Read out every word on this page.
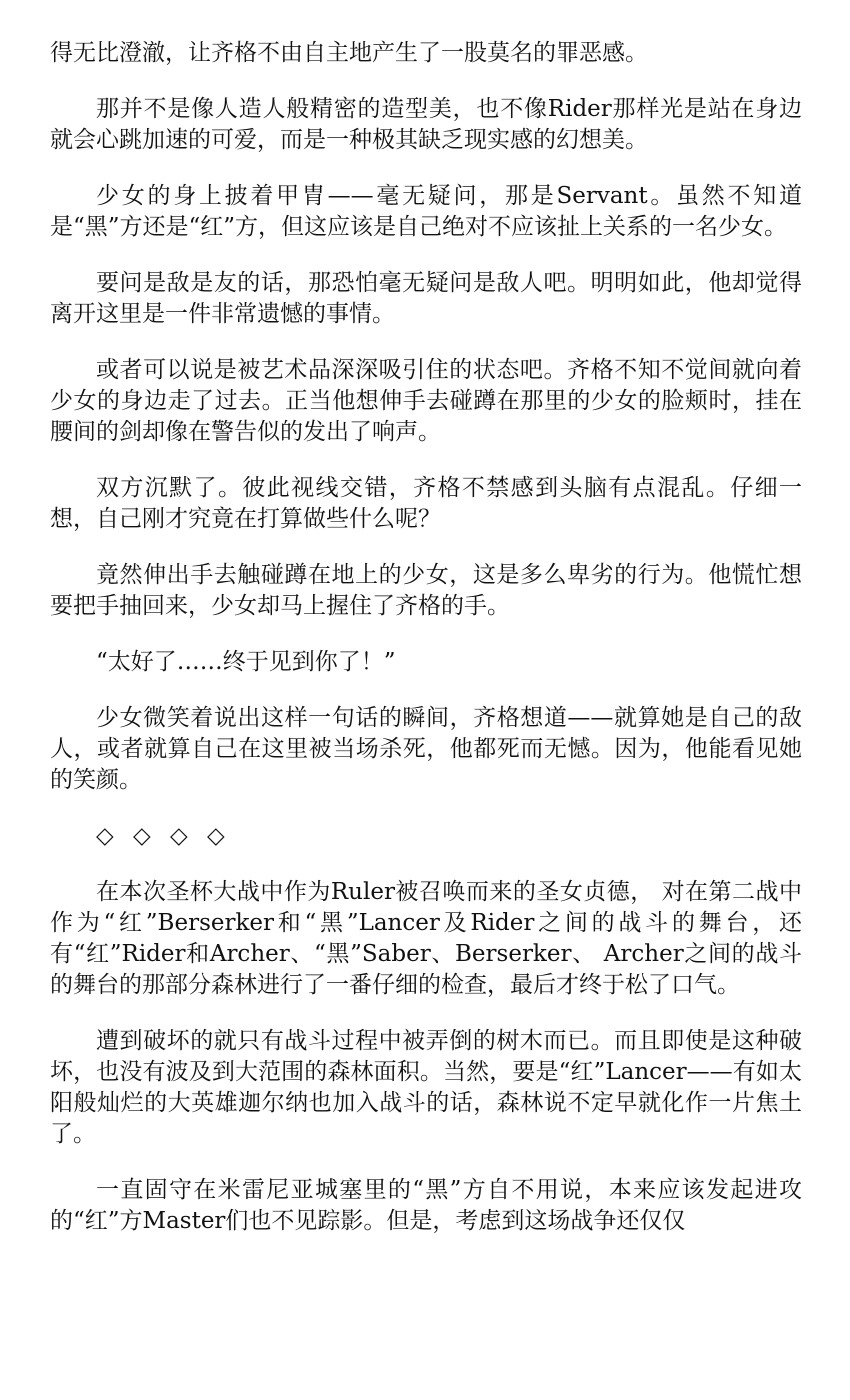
得无比澄澈，让齐格不由自主地产生了一股莫名的罪恶感。

那并不是像人造人般精密的造型美，也不像Rider那样光是站在身边就会心跳加速的可爱，而是一种极其缺乏现实感的幻想美。

少女的身上披着甲胄——毫无疑问，那是Servant。虽然不知道是“黑”方还是“红”方，但这应该是自己绝对不应该扯上关系的一名少女。

要问是敌是友的话，那恐怕毫无疑问是敌人吧。明明如此，他却觉得离开这里是一件非常遗憾的事情。

或者可以说是被艺术品深深吸引住的状态吧。齐格不知不觉间就向着少女的身边走了过去。正当他想伸手去碰蹲在那里的少女的脸颊时，挂在腰间的剑却像在警告似的发出了响声。

双方沉默了。彼此视线交错，齐格不禁感到头脑有点混乱。仔细一想，自己刚才究竟在打算做些什么呢？

竟然伸出手去触碰蹲在地上的少女，这是多么卑劣的行为。他慌忙想要把手抽回来，少女却马上握住了齐格的手。

“太好了……终于见到你了！”

少女微笑着说出这样一句话的瞬间，齐格想道——就算她是自己的敌人，或者就算自己在这里被当场杀死，他都死而无憾。因为，他能看见她的笑颜。

◇ ◇ ◇ ◇

在本次圣杯大战中作为Ruler被召唤而来的圣女贞德， 对在第二战中作为“红”Berserker和“黑”Lancer及Rider之间的战斗的舞台，还有“红”Rider和Archer、“黑”Saber、Berserker、 Archer之间的战斗的舞台的那部分森林进行了一番仔细的检查，最后才终于松了口气。

遭到破坏的就只有战斗过程中被弄倒的树木而已。而且即使是这种破坏，也没有波及到大范围的森林面积。当然，要是“红”Lancer——有如太阳般灿烂的大英雄迦尔纳也加入战斗的话，森林说不定早就化作一片焦土了。

一直固守在米雷尼亚城塞里的“黑”方自不用说，本来应该发起进攻的“红”方Master们也不见踪影。但是，考虑到这场战争还仅仅
